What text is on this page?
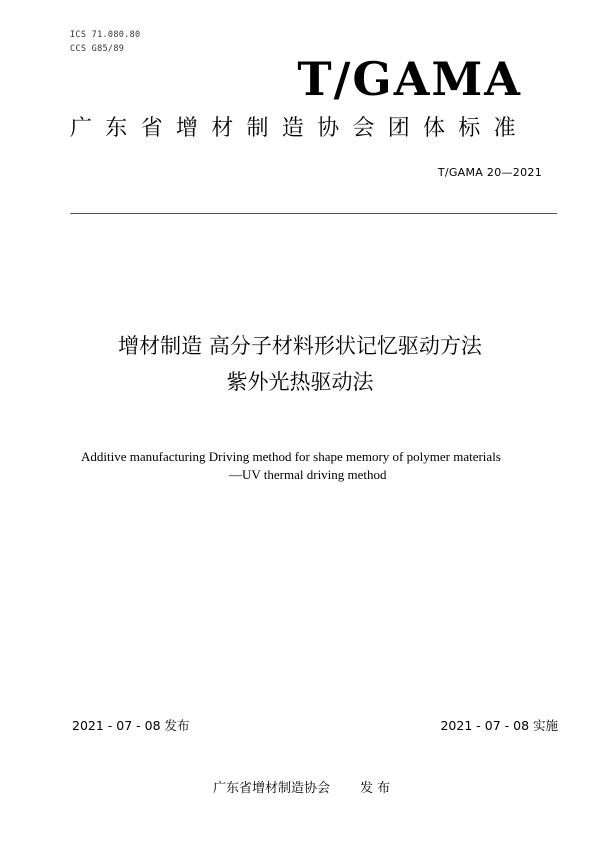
ICS 71.080.80
CCS G85/89
T/GAMA
广东省增材制造协会团体标准
T/GAMA 20—2021
增材制造 高分子材料形状记忆驱动方法
紫外光热驱动法
Additive manufacturing Driving method for shape memory of polymer materials
—UV thermal driving method
2021 - 07 - 08 发布	2021 - 07 - 08 实施
广东省增材制造协会 发 布
